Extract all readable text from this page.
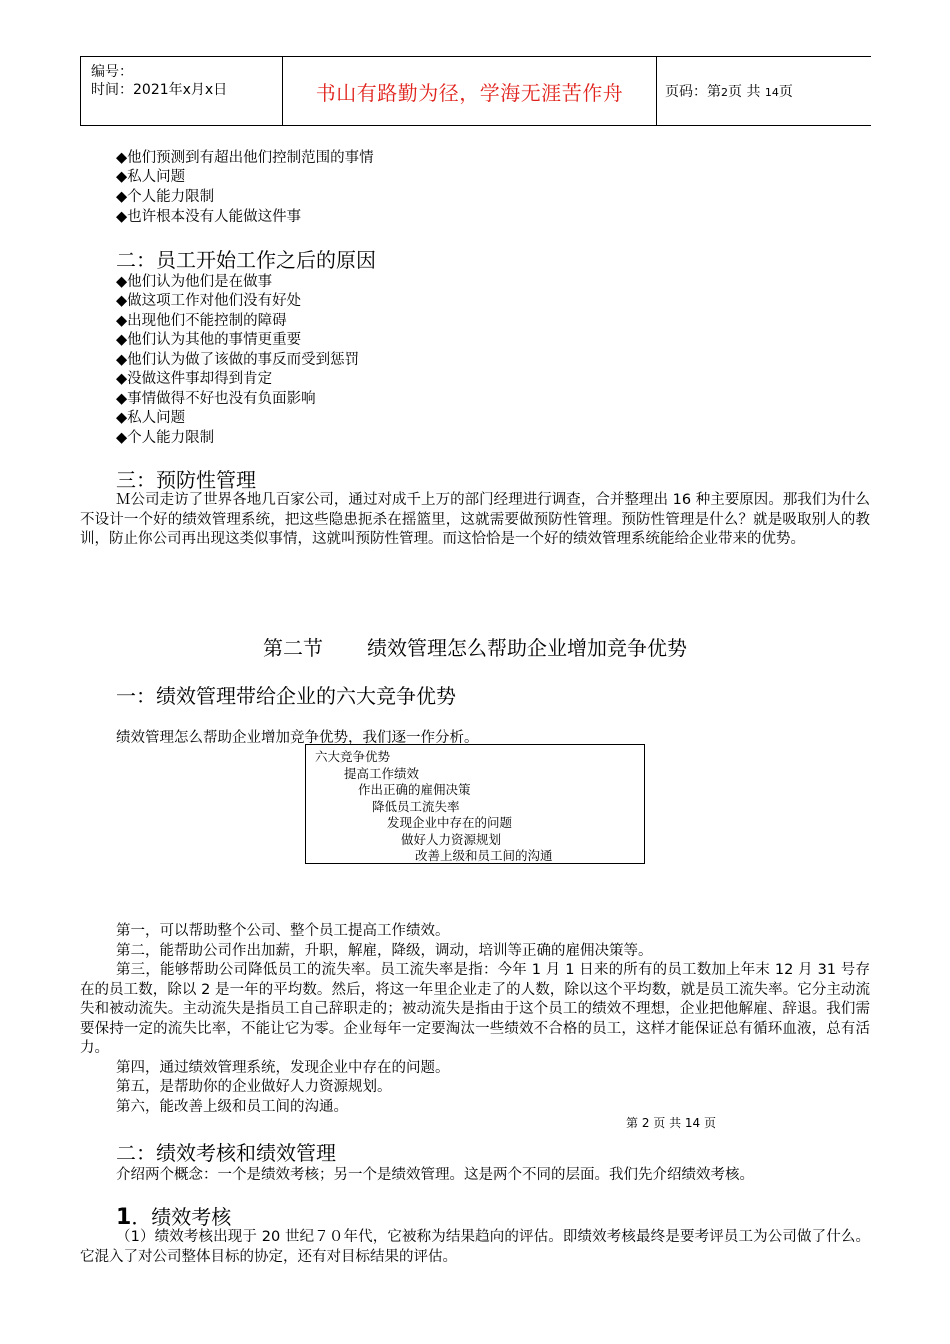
编号：
时间：2021年x月x日	书山有路勤为径，学海无涯苦作舟	页码：第2页 共 14页
◆他们预测到有超出他们控制范围的事情
◆私人问题
◆个人能力限制
◆也许根本没有人能做这件事
二：员工开始工作之后的原因
◆他们认为他们是在做事
◆做这项工作对他们没有好处
◆出现他们不能控制的障碍
◆他们认为其他的事情更重要
◆他们认为做了该做的事反而受到惩罚
◆没做这件事却得到肯定
◆事情做得不好也没有负面影响
◆私人问题
◆个人能力限制
三：预防性管理

Ｍ公司走访了世界各地几百家公司，通过对成千上万的部门经理进行调查，合并整理出 16 种主要原因。那我们为什么不设计一个好的绩效管理系统，把这些隐患扼杀在摇篮里，这就需要做预防性管理。预防性管理是什么？就是吸取别人的教训，防止你公司再出现这类似事情，这就叫预防性管理。而这恰恰是一个好的绩效管理系统能给企业带来的优势。

第二节 绩效管理怎么帮助企业增加竞争优势
一：绩效管理带给企业的六大竞争优势
绩效管理怎么帮助企业增加竞争优势，我们逐一作分析。
六大竞争优势
提高工作绩效
作出正确的雇佣决策
降低员工流失率
发现企业中存在的问题
做好人力资源规划
改善上级和员工间的沟通

第一，可以帮助整个公司、整个员工提高工作绩效。

第二，能帮助公司作出加薪，升职，解雇，降级，调动，培训等正确的雇佣决策等。

第三，能够帮助公司降低员工的流失率。员工流失率是指：今年 1 月 1 日来的所有的员工数加上年末 12 月 31 号存在的员工数，除以 2 是一年的平均数。然后，将这一年里企业走了的人数，除以这个平均数，就是员工流失率。它分主动流失和被动流失。主动流失是指员工自己辞职走的；被动流失是指由于这个员工的绩效不理想，企业把他解雇、辞退。我们需要保持一定的流失比率，不能让它为零。企业每年一定要淘汰一些绩效不合格的员工，这样才能保证总有循环血液，总有活力。

第四，通过绩效管理系统，发现企业中存在的问题。

第五，是帮助你的企业做好人力资源规划。

第六，能改善上级和员工间的沟通。

第 2 页 共 14 页
二：绩效考核和绩效管理
介绍两个概念：一个是绩效考核；另一个是绩效管理。这是两个不同的层面。我们先介绍绩效考核。
1．绩效考核

（1）绩效考核出现于 20 世纪７０年代，它被称为结果趋向的评估。即绩效考核最终是要考评员工为公司做了什么。它混入了对公司整体目标的协定，还有对目标结果的评估。
